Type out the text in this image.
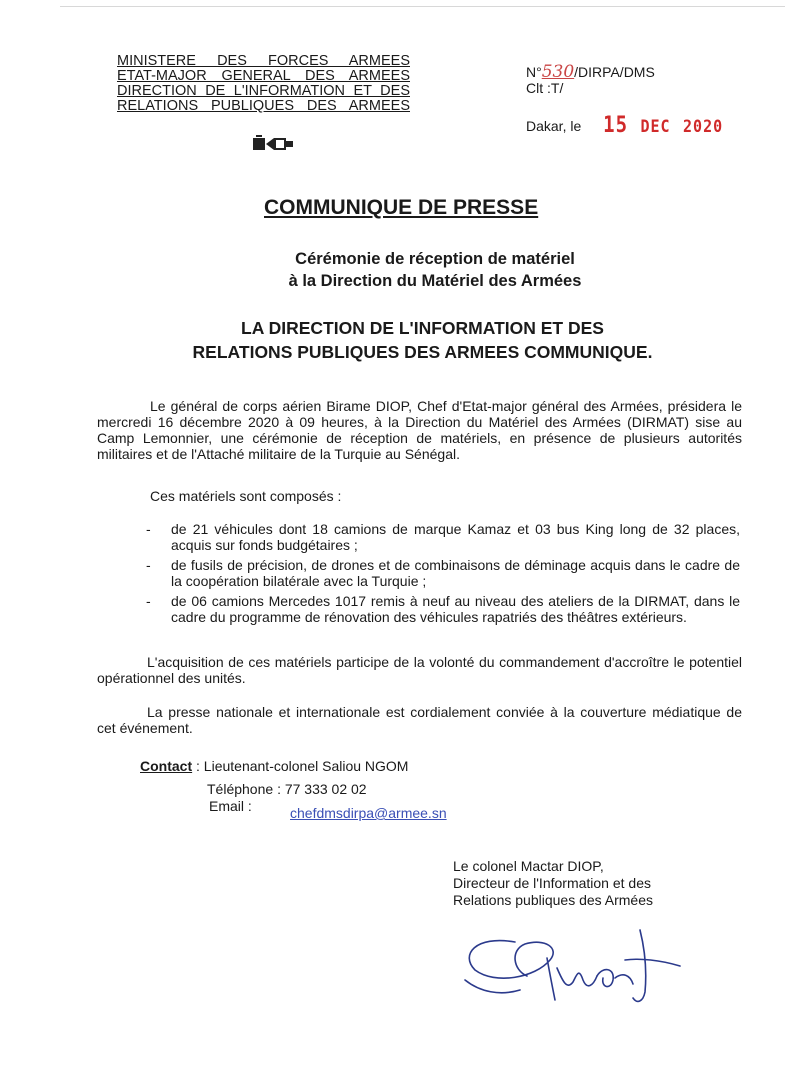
MINISTERE DES FORCES ARMEES
ETAT-MAJOR GENERAL DES ARMEES
DIRECTION DE L'INFORMATION ET DES
RELATIONS PUBLIQUES DES ARMEES
N°530/DIRPA/DMS
Clt :T/
Dakar, le 15 DEC 2020
COMMUNIQUE DE PRESSE
Cérémonie de réception de matériel
à la Direction du Matériel des Armées
LA DIRECTION DE L'INFORMATION ET DES
RELATIONS PUBLIQUES DES ARMEES COMMUNIQUE.
Le général de corps aérien Birame DIOP, Chef d'Etat-major général des Armées, présidera le mercredi 16 décembre 2020 à 09 heures, à la Direction du Matériel des Armées (DIRMAT) sise au Camp Lemonnier, une cérémonie de réception de matériels, en présence de plusieurs autorités militaires et de l'Attaché militaire de la Turquie au Sénégal.
Ces matériels sont composés :
- de 21 véhicules dont 18 camions de marque Kamaz et 03 bus King long de 32 places, acquis sur fonds budgétaires ;
- de fusils de précision, de drones et de combinaisons de déminage acquis dans le cadre de la coopération bilatérale avec la Turquie ;
- de 06 camions Mercedes 1017 remis à neuf au niveau des ateliers de la DIRMAT, dans le cadre du programme de rénovation des véhicules rapatriés des théâtres extérieurs.
L'acquisition de ces matériels participe de la volonté du commandement d'accroître le potentiel opérationnel des unités.
La presse nationale et internationale est cordialement conviée à la couverture médiatique de cet événement.
Contact : Lieutenant-colonel Saliou NGOM
Téléphone : 77 333 02 02
Email :	chefdmsdirpa@armee.sn
Le colonel Mactar DIOP,
Directeur de l'Information et des
Relations publiques des Armées
